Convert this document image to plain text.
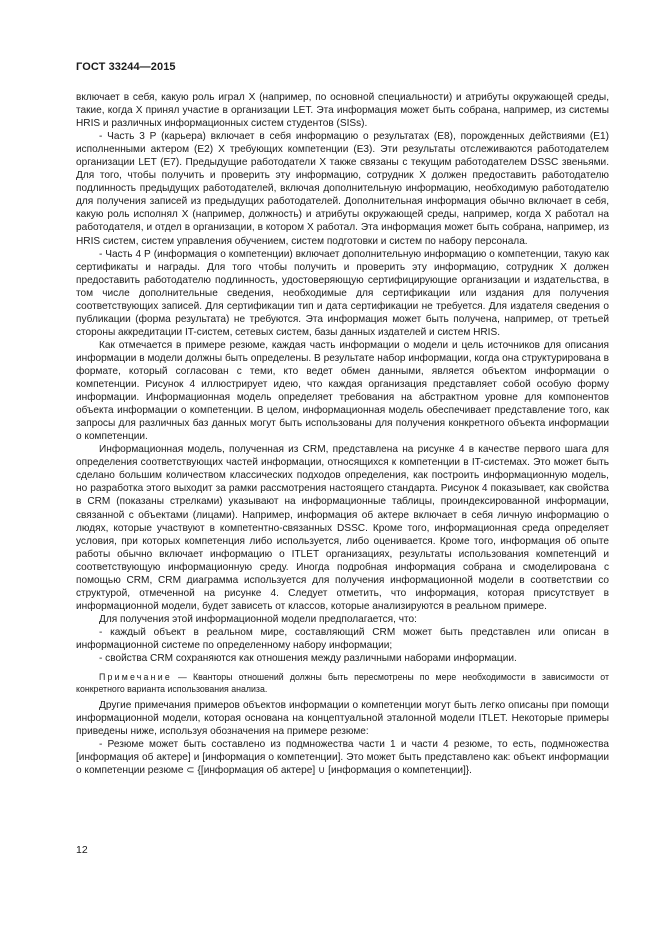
ГОСТ 33244—2015

включает в себя, какую роль играл X (например, по основной специальности) и атрибуты окружающей среды, такие, когда X принял участие в организации LET. Эта информация может быть собрана, например, из системы HRIS и различных информационных систем студентов (SISs).

- Часть 3 Р (карьера) включает в себя информацию о результатах (Е8), порожденных действиями (Е1) исполненными актером (Е2) X требующих компетенции (Е3). Эти результаты отслеживаются работодателем организации LET (Е7). Предыдущие работодатели X также связаны с текущим работодателем DSSC звеньями. Для того, чтобы получить и проверить эту информацию, сотрудник X должен предоставить работодателю подлинность предыдущих работодателей, включая дополнительную информацию, необходимую работодателю для получения записей из предыдущих работодателей. Дополнительная информация обычно включает в себя, какую роль исполнял X (например, должность) и атрибуты окружающей среды, например, когда X работал на работодателя, и отдел в организации, в котором X работал. Эта информация может быть собрана, например, из HRIS систем, систем управления обучением, систем подготовки и систем по набору персонала.

- Часть 4 Р (информация о компетенции) включает дополнительную информацию о компетенции, такую как сертификаты и награды. Для того чтобы получить и проверить эту информацию, сотрудник X должен предоставить работодателю подлинность, удостоверяющую сертифицирующие организации и издательства, в том числе дополнительные сведения, необходимые для сертификации или издания для получения соответствующих записей. Для сертификации тип и дата сертификации не требуется. Для издателя сведения о публикации (форма результата) не требуются. Эта информация может быть получена, например, от третьей стороны аккредитации IT-систем, сетевых систем, базы данных издателей и систем HRIS.

Как отмечается в примере резюме, каждая часть информации о модели и цель источников для описания информации в модели должны быть определены. В результате набор информации, когда она структурирована в формате, который согласован с теми, кто ведет обмен данными, является объектом информации о компетенции. Рисунок 4 иллюстрирует идею, что каждая организация представляет собой особую форму информации. Информационная модель определяет требования на абстрактном уровне для компонентов объекта информации о компетенции. В целом, информационная модель обеспечивает представление того, как запросы для различных баз данных могут быть использованы для получения конкретного объекта информации о компетенции.

Информационная модель, полученная из CRM, представлена на рисунке 4 в качестве первого шага для определения соответствующих частей информации, относящихся к компетенции в IT-системах. Это может быть сделано большим количеством классических подходов определения, как построить информационную модель, но разработка этого выходит за рамки рассмотрения настоящего стандарта. Рисунок 4 показывает, как свойства в CRM (показаны стрелками) указывают на информационные таблицы, проиндексированной информации, связанной с объектами (лицами). Например, информация об актере включает в себя личную информацию о людях, которые участвуют в компетентно-связанных DSSC. Кроме того, информационная среда определяет условия, при которых компетенция либо используется, либо оценивается. Кроме того, информация об опыте работы обычно включает информацию о ITLET организациях, результаты использования компетенций и соответствующую информационную среду. Иногда подробная информация собрана и смоделирована с помощью CRM, CRM диаграмма используется для получения информационной модели в соответствии со структурой, отмеченной на рисунке 4. Следует отметить, что информация, которая присутствует в информационной модели, будет зависеть от классов, которые анализируются в реальном примере.

Для получения этой информационной модели предполагается, что:

- каждый объект в реальном мире, составляющий CRM может быть представлен или описан в информационной системе по определенному набору информации;

- свойства CRM сохраняются как отношения между различными наборами информации.

Примечание — Кванторы отношений должны быть пересмотрены по мере необходимости в зависимости от конкретного варианта использования анализа.

Другие примечания примеров объектов информации о компетенции могут быть легко описаны при помощи информационной модели, которая основана на концептуальной эталонной модели ITLET. Некоторые примеры приведены ниже, используя обозначения на примере резюме:

- Резюме может быть составлено из подмножества части 1 и части 4 резюме, то есть, подмножества [информация об актере] и [информация о компетенции]. Это может быть представлено как: объект информации о компетенции резюме ⊂ {[информация об актере] ∪ [информация о компетенции]}.

12
